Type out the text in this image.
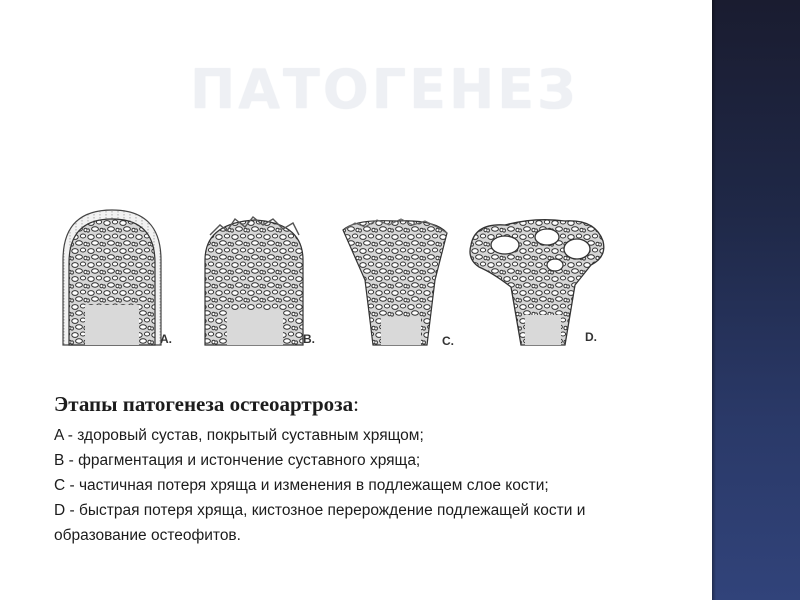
ПАТОГЕНЕЗ
A.	B.	C.	D.
Этапы патогенеза остеоартроза:
A - здоровый сустав, покрытый суставным хрящом;
B - фрагментация и истончение суставного хряща;
C - частичная потеря хряща и изменения в подлежащем слое кости;
D - быстрая потеря хряща, кистозное перерождение подлежащей кости и
образование остеофитов.
